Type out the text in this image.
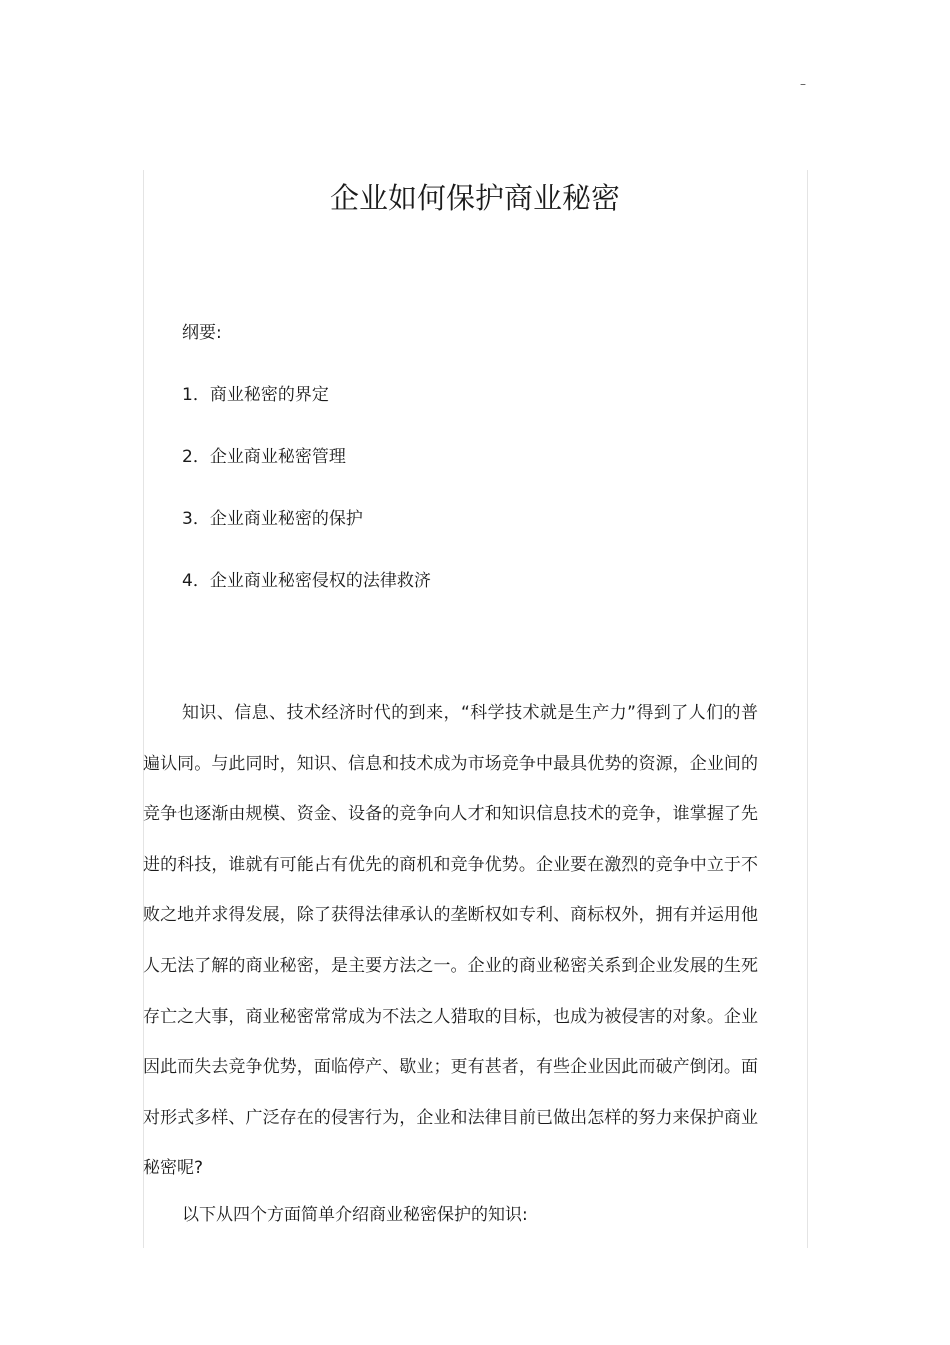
–
企业如何保护商业秘密
纲要:
1．商业秘密的界定
2．企业商业秘密管理
3．企业商业秘密的保护
4．企业商业秘密侵权的法律救济

知识、信息、技术经济时代的到来，“科学技术就是生产力”得到了人们的普遍认同。与此同时，知识、信息和技术成为市场竞争中最具优势的资源，企业间的竞争也逐渐由规模、资金、设备的竞争向人才和知识信息技术的竞争，谁掌握了先进的科技，谁就有可能占有优先的商机和竞争优势。企业要在激烈的竞争中立于不败之地并求得发展，除了获得法律承认的垄断权如专利、商标权外，拥有并运用他人无法了解的商业秘密，是主要方法之一。企业的商业秘密关系到企业发展的生死存亡之大事，商业秘密常常成为不法之人猎取的目标，也成为被侵害的对象。企业因此而失去竞争优势，面临停产、歇业；更有甚者，有些企业因此而破产倒闭。面对形式多样、广泛存在的侵害行为，企业和法律目前已做出怎样的努力来保护商业秘密呢?

以下从四个方面简单介绍商业秘密保护的知识:
